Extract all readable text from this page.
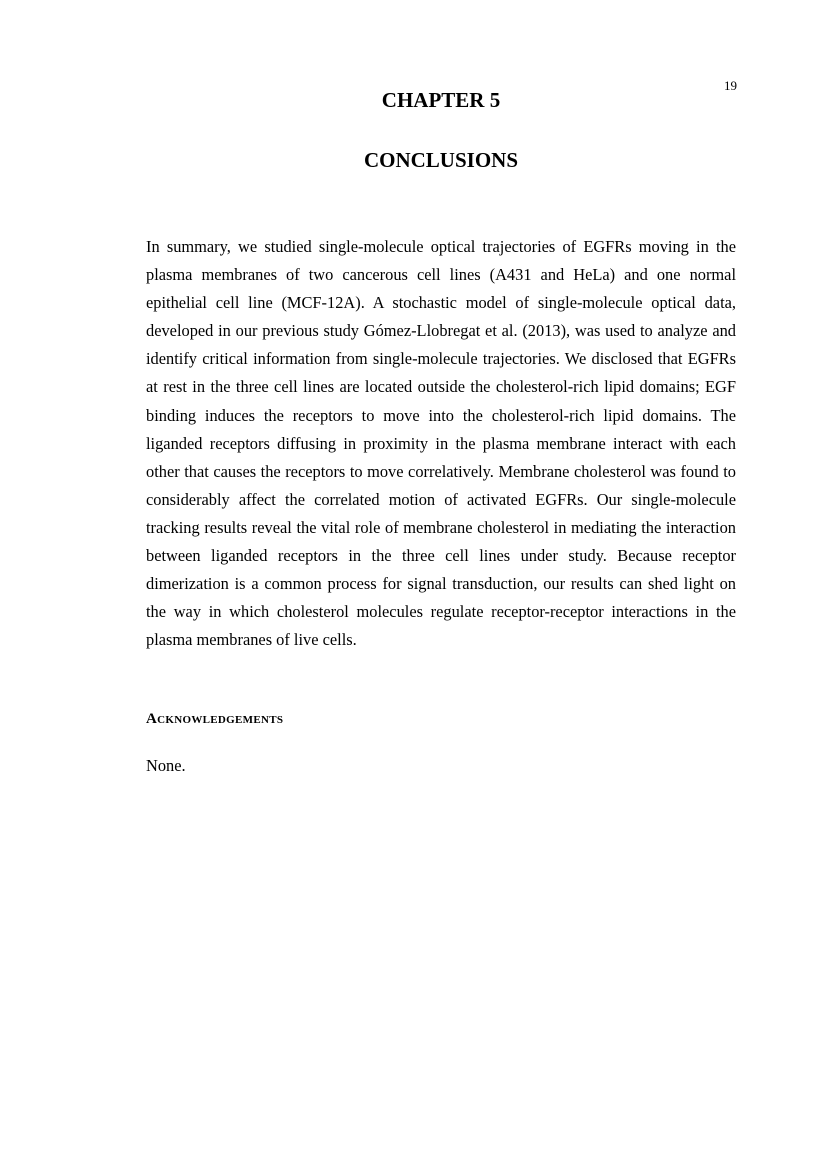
19
CHAPTER 5
CONCLUSIONS

In summary, we studied single-molecule optical trajectories of EGFRs moving in the plasma membranes of two cancerous cell lines (A431 and HeLa) and one normal epithelial cell line (MCF-12A). A stochastic model of single-molecule optical data, developed in our previous study Gómez-Llobregat et al. (2013), was used to analyze and identify critical information from single-molecule trajectories. We disclosed that EGFRs at rest in the three cell lines are located outside the cholesterol-rich lipid domains; EGF binding induces the receptors to move into the cholesterol-rich lipid domains. The liganded receptors diffusing in proximity in the plasma membrane interact with each other that causes the receptors to move correlatively. Membrane cholesterol was found to considerably affect the correlated motion of activated EGFRs. Our single-molecule tracking results reveal the vital role of membrane cholesterol in mediating the interaction between liganded receptors in the three cell lines under study. Because receptor dimerization is a common process for signal transduction, our results can shed light on the way in which cholesterol molecules regulate receptor-receptor interactions in the plasma membranes of live cells.

Acknowledgements

None.
